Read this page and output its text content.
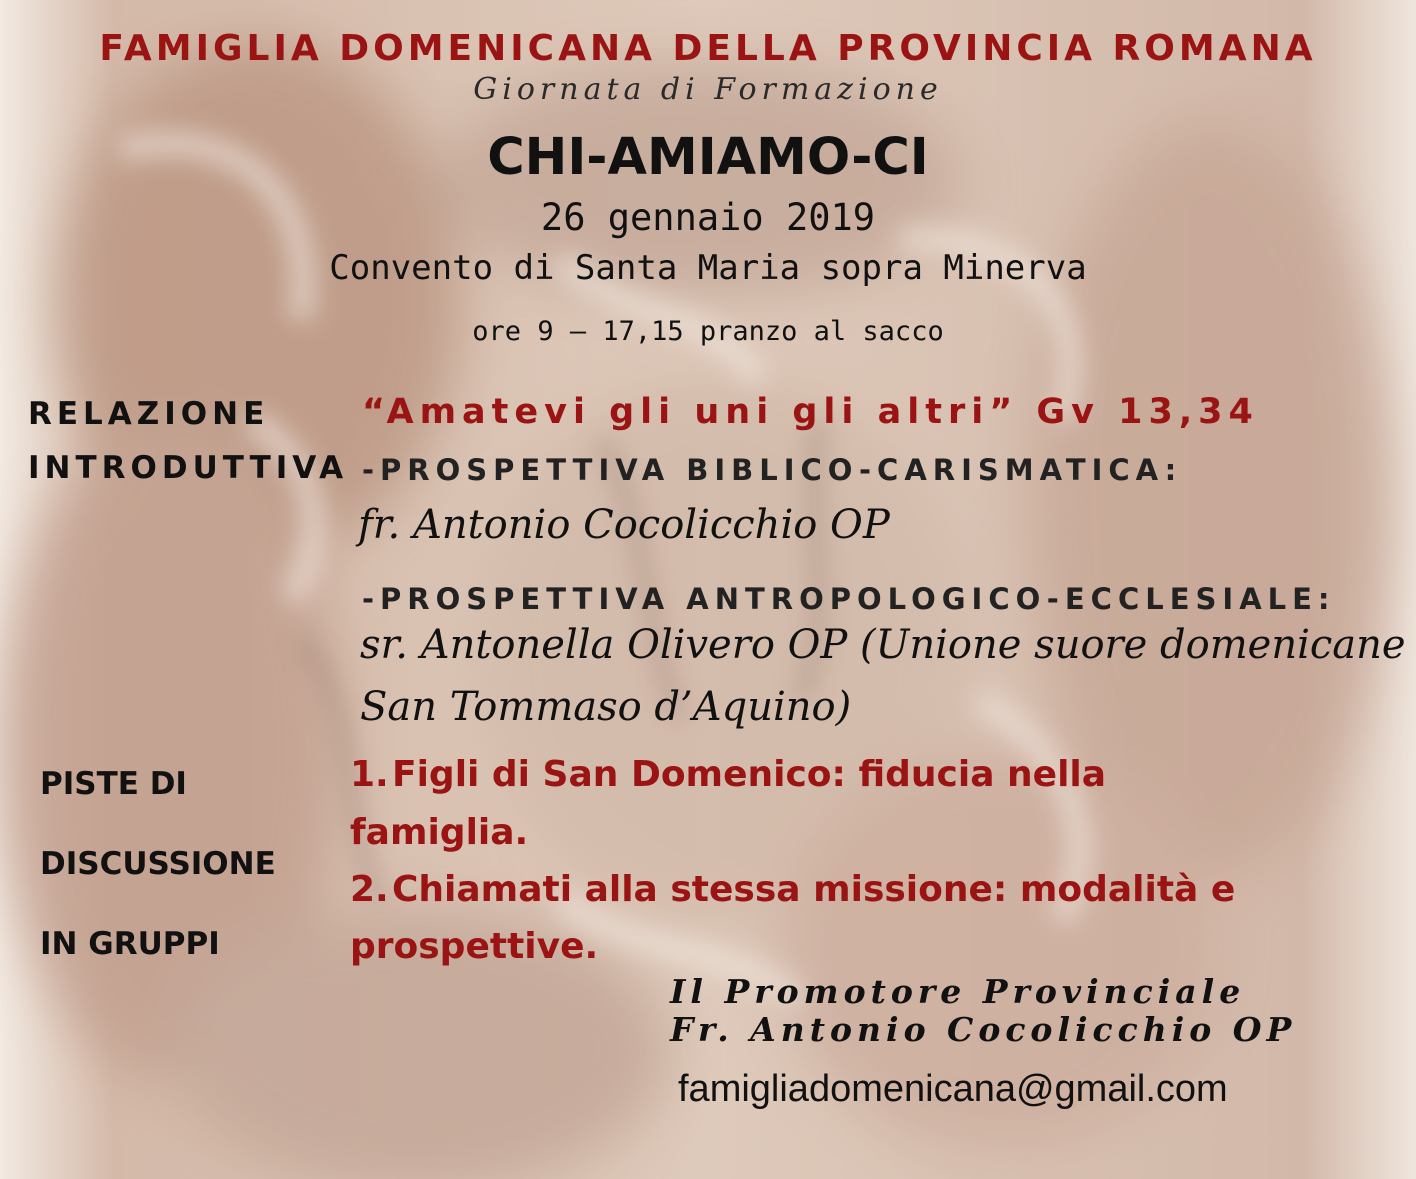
FAMIGLIA DOMENICANA DELLA PROVINCIA ROMANA

Giornata di Formazione

CHI-AMIAMO-CI

26 gennaio 2019

Convento di Santa Maria sopra Minerva

ore 9 – 17,15 pranzo al sacco

RELAZIONE

INTRODUTTIVA

“Amatevi gli uni gli altri” Gv 13,34

-PROSPETTIVA BIBLICO-CARISMATICA:

fr. Antonio Cocolicchio OP

-PROSPETTIVA ANTROPOLOGICO-ECCLESIALE:

sr. Antonella Olivero OP (Unione suore domenicane

San Tommaso d’Aquino)

PISTE DI

DISCUSSIONE

IN GRUPPI

1. Figli di San Domenico: fiducia nella

famiglia.

2. Chiamati alla stessa missione: modalità e

prospettive.

Il Promotore Provinciale

Fr. Antonio Cocolicchio OP

famigliadomenicana@gmail.com
